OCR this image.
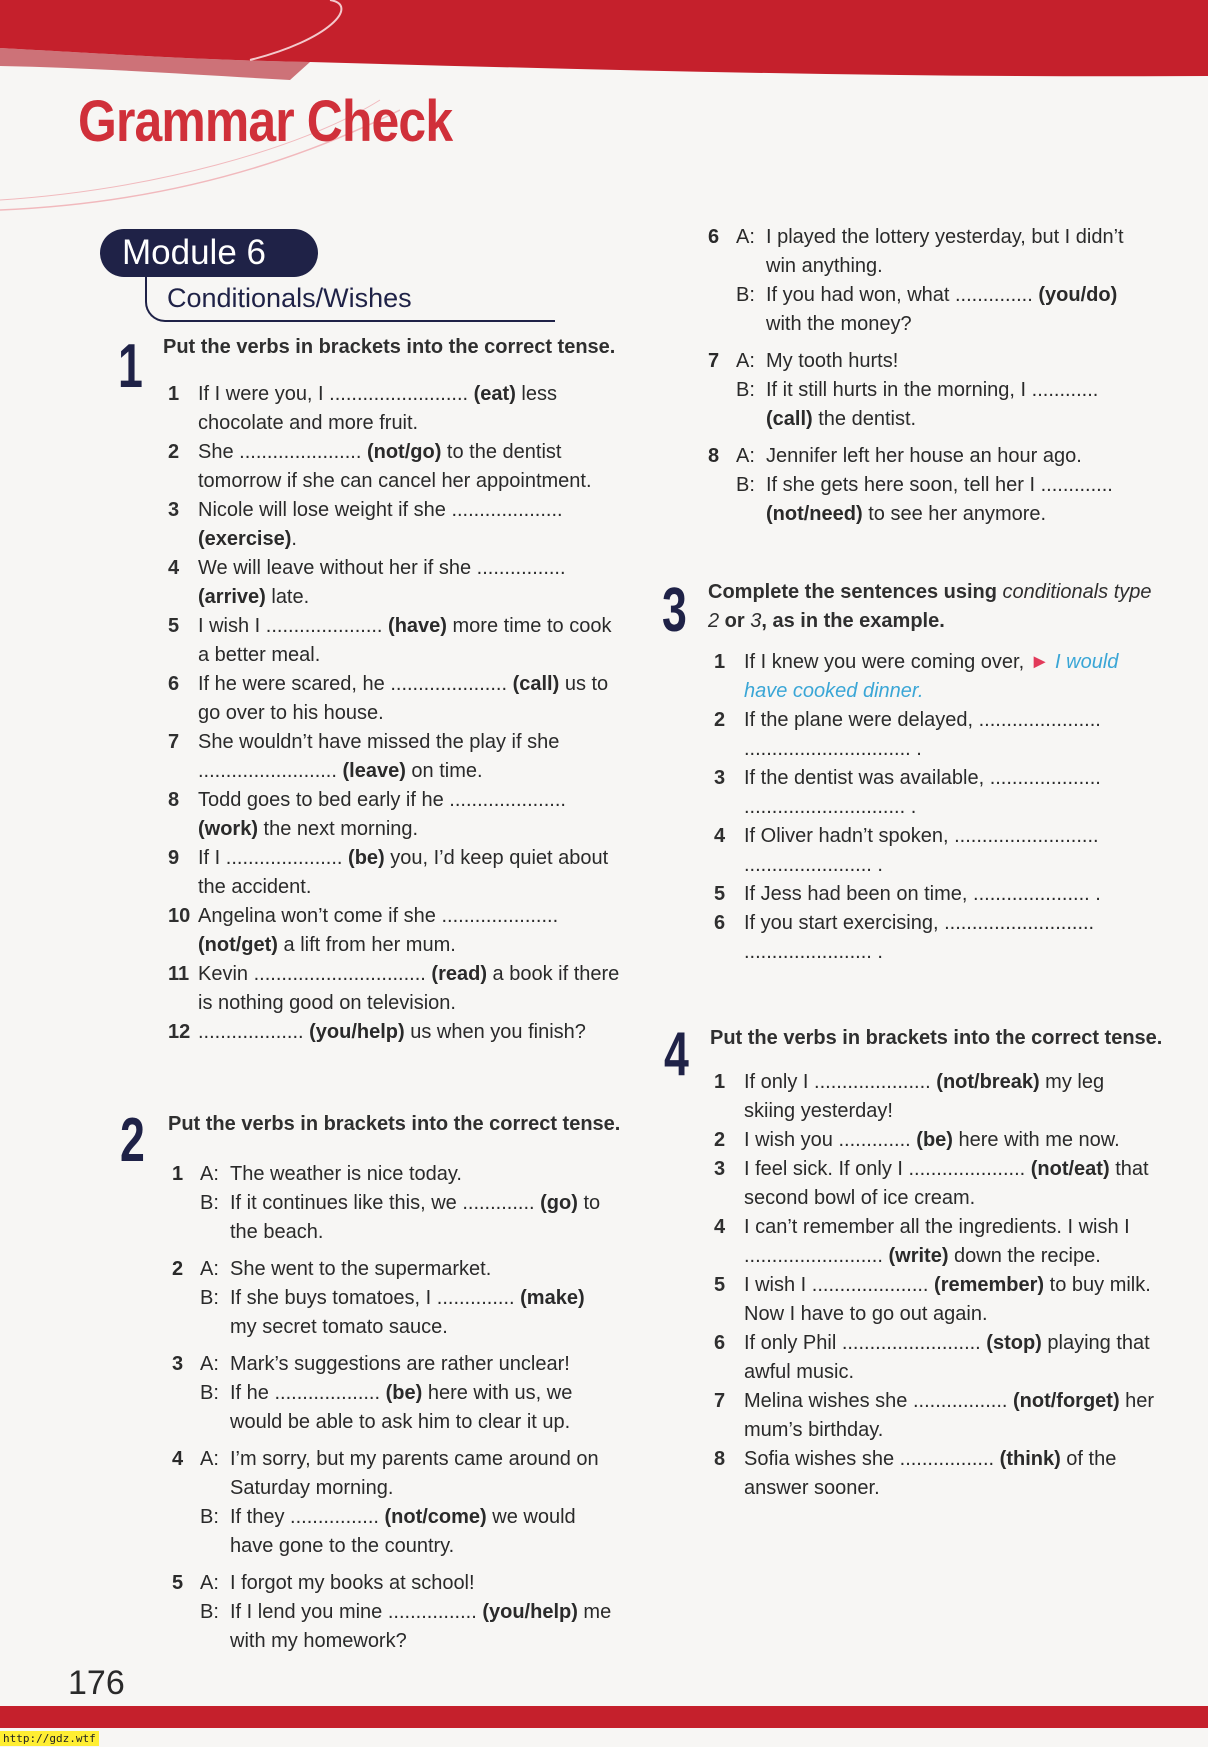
Grammar Check
Module 6
Conditionals/Wishes
1 Put the verbs in brackets into the correct tense.
1 If I were you, I ......................... (eat) less chocolate and more fruit.
2 She ...................... (not/go) to the dentist tomorrow if she can cancel her appointment.
3 Nicole will lose weight if she .................... (exercise).
4 We will leave without her if she ................ (arrive) late.
5 I wish I ..................... (have) more time to cook a better meal.
6 If he were scared, he ..................... (call) us to go over to his house.
7 She wouldn’t have missed the play if she ......................... (leave) on time.
8 Todd goes to bed early if he ..................... (work) the next morning.
9 If I ..................... (be) you, I’d keep quiet about the accident.
10 Angelina won’t come if she ..................... (not/get) a lift from her mum.
11 Kevin ............................... (read) a book if there is nothing good on television.
12 ................... (you/help) us when you finish?
2 Put the verbs in brackets into the correct tense.
1 A: The weather is nice today.
B: If it continues like this, we ............. (go) to the beach.
2 A: She went to the supermarket.
B: If she buys tomatoes, I .............. (make) my secret tomato sauce.
3 A: Mark’s suggestions are rather unclear!
B: If he ................... (be) here with us, we would be able to ask him to clear it up.
4 A: I’m sorry, but my parents came around on Saturday morning.
B: If they ................ (not/come) we would have gone to the country.
5 A: I forgot my books at school!
B: If I lend you mine ................ (you/help) me with my homework?
6 A: I played the lottery yesterday, but I didn’t win anything.
B: If you had won, what .............. (you/do) with the money?
7 A: My tooth hurts!
B: If it still hurts in the morning, I ............ (call) the dentist.
8 A: Jennifer left her house an hour ago.
B: If she gets here soon, tell her I ............. (not/need) to see her anymore.
3 Complete the sentences using conditionals type 2 or 3, as in the example.
1 If I knew you were coming over, ► I would have cooked dinner.
2 If the plane were delayed, ...................... .............................. .
3 If the dentist was available, .................... ............................. .
4 If Oliver hadn’t spoken, .......................... ....................... .
5 If Jess had been on time, ..................... .
6 If you start exercising, ........................... ....................... .
4 Put the verbs in brackets into the correct tense.
1 If only I ..................... (not/break) my leg skiing yesterday!
2 I wish you ............. (be) here with me now.
3 I feel sick. If only I ..................... (not/eat) that second bowl of ice cream.
4 I can’t remember all the ingredients. I wish I ......................... (write) down the recipe.
5 I wish I ..................... (remember) to buy milk. Now I have to go out again.
6 If only Phil ......................... (stop) playing that awful music.
7 Melina wishes she ................. (not/forget) her mum’s birthday.
8 Sofia wishes she ................. (think) of the answer sooner.
176
http://gdz.wtf
